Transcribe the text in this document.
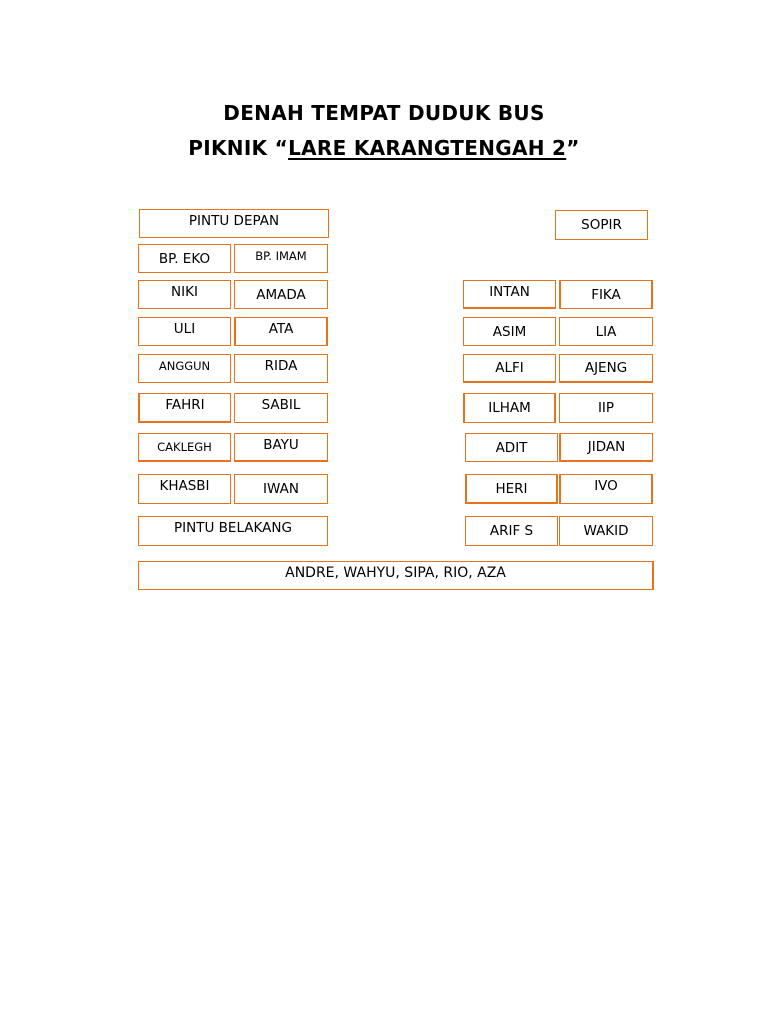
DENAH TEMPAT DUDUK BUS
PIKNIK “LARE KARANGTENGAH 2”
PINTU DEPAN	SOPIR
BP. EKO	BP. IMAM
NIKI	AMADA
ULI	ATA
ANGGUN	RIDA
FAHRI	SABIL
CAKLEGH	BAYU
KHASBI	IWAN
INTAN	FIKA
ASIM	LIA
ALFI	AJENG
ILHAM	IIP
ADIT	JIDAN
HERI	IVO
ARIF S	WAKID
PINTU BELAKANG
ANDRE, WAHYU, SIPA, RIO, AZA
